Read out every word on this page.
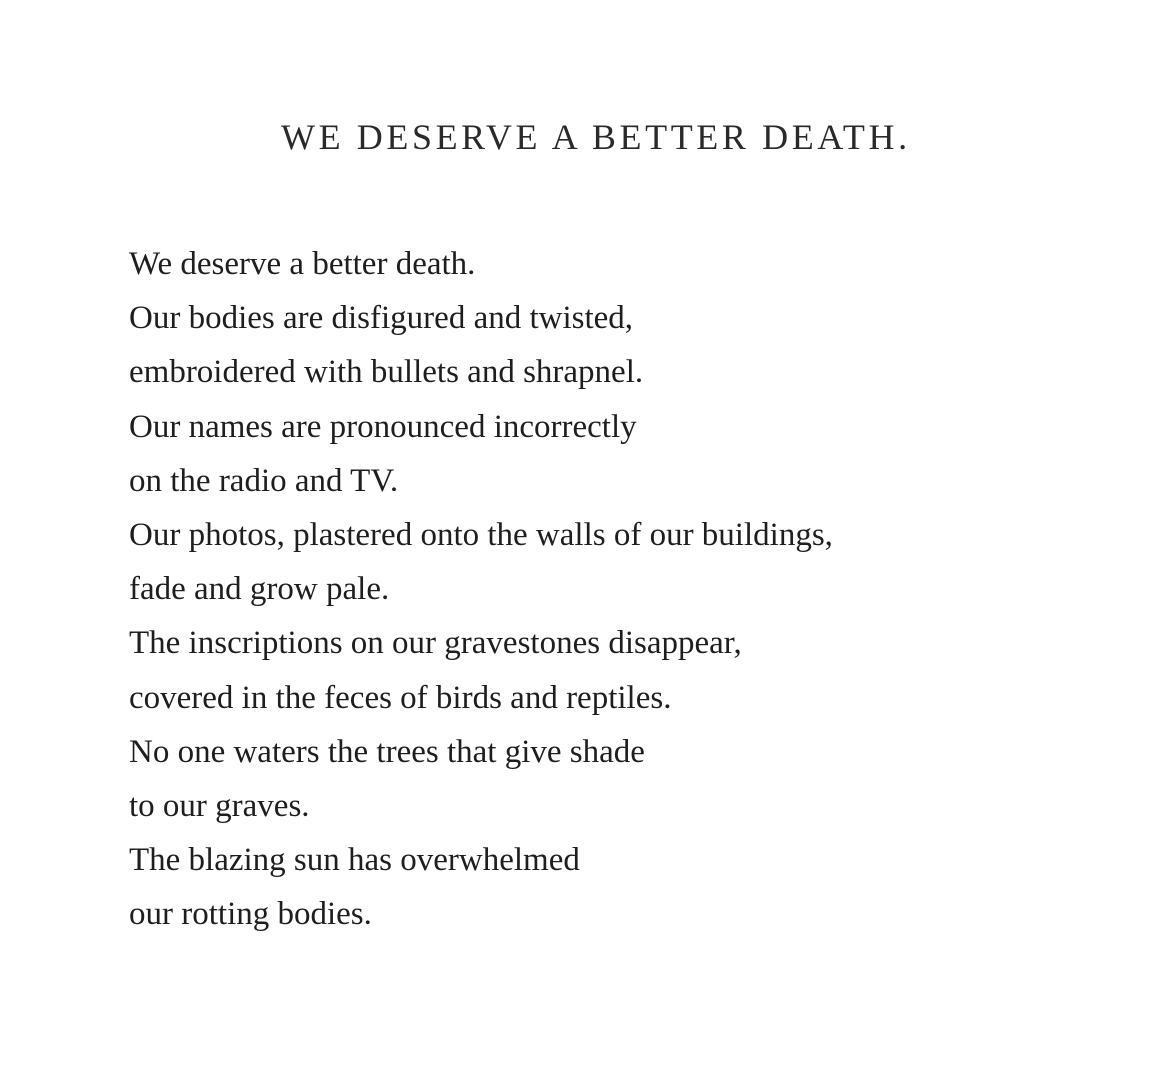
WE DESERVE A BETTER DEATH.
We deserve a better death.
Our bodies are disfigured and twisted,
embroidered with bullets and shrapnel.
Our names are pronounced incorrectly
on the radio and TV.
Our photos, plastered onto the walls of our buildings,
fade and grow pale.
The inscriptions on our gravestones disappear,
covered in the feces of birds and reptiles.
No one waters the trees that give shade
to our graves.
The blazing sun has overwhelmed
our rotting bodies.
